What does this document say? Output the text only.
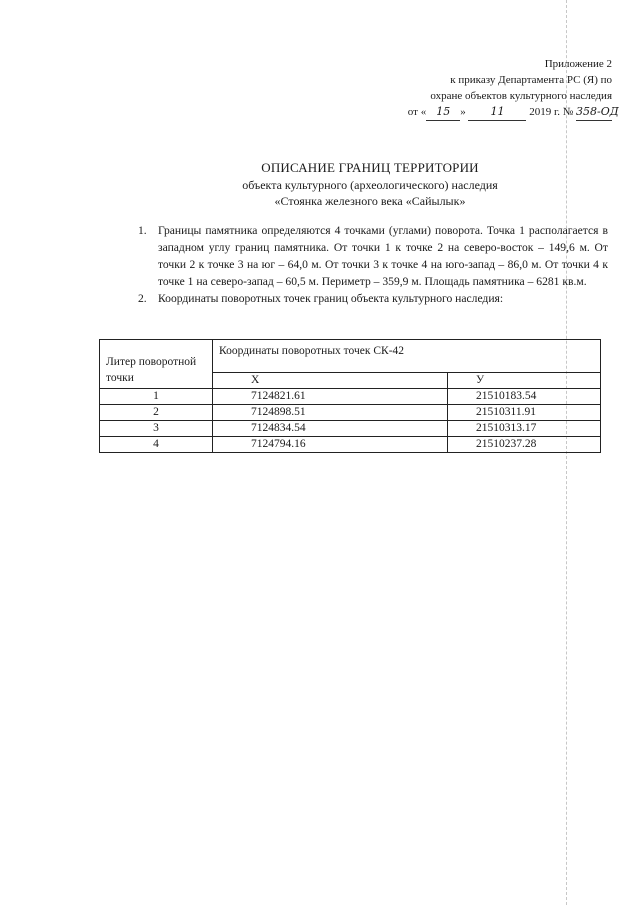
Приложение 2
к приказу Департамента РС (Я) по
охране объектов культурного наследия
от « 15 » 11 2019 г. № 358-ОД
ОПИСАНИЕ ГРАНИЦ ТЕРРИТОРИИ
объекта культурного (археологического) наследия
«Стоянка железного века «Сайылык»
1. Границы памятника определяются 4 точками (углами) поворота. Точка 1 располагается в западном углу границ памятника. От точки 1 к точке 2 на северо-восток – 149,6 м. От точки 2 к точке 3 на юг – 64,0 м. От точки 3 к точке 4 на юго-запад – 86,0 м. От точки 4 к точке 1 на северо-запад – 60,5 м. Периметр – 359,9 м. Площадь памятника – 6281 кв.м.
2. Координаты поворотных точек границ объекта культурного наследия:
Литер поворотной точки	Координаты поворотных точек СК-42	
	X	У
1	7124821.61	21510183.54
2	7124898.51	21510311.91
3	7124834.54	21510313.17
4	7124794.16	21510237.28
